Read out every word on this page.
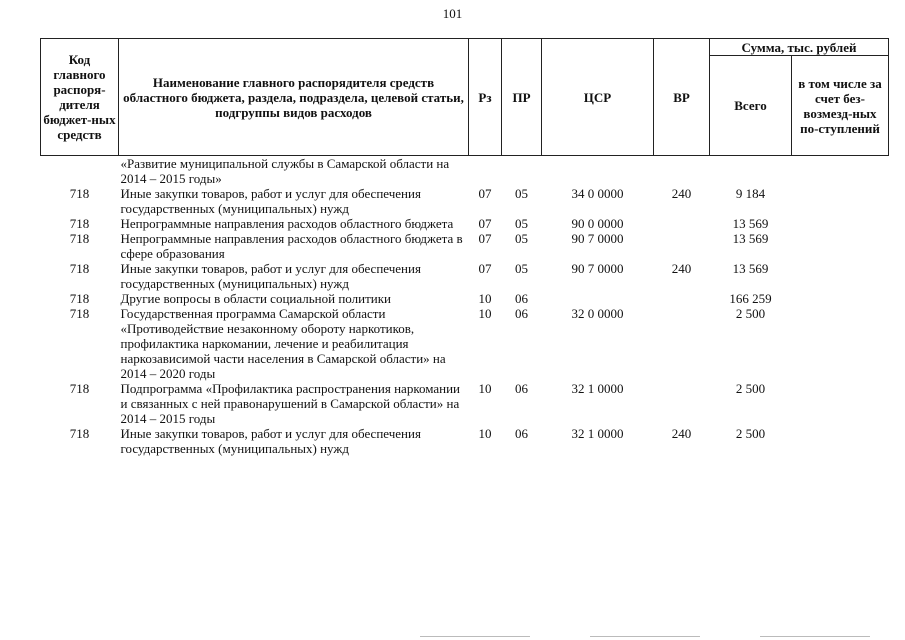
101
Код главного распоря-дителя бюджет-ных средств	Наименование главного распорядителя средств областного бюджета, раздела, подраздела, целевой статьи, подгруппы видов расходов	Рз	ПР	ЦСР	ВР	Сумма, тыс. рублей	
						Всего	в том числе за счет без-возмезд-ных по-ступлений
	«Развитие муниципальной службы в Самарской области на 2014 – 2015 годы»						
718	Иные закупки товаров, работ и услуг для обеспечения государственных (муниципальных) нужд	07	05	34 0 0000	240	9 184	
718	Непрограммные направления расходов областного бюджета	07	05	90 0 0000		13 569	
718	Непрограммные направления расходов областного бюджета в сфере образования	07	05	90 7 0000		13 569	
718	Иные закупки товаров, работ и услуг для обеспечения государственных (муниципальных) нужд	07	05	90 7 0000	240	13 569	
718	Другие вопросы в области социальной политики	10	06			166 259	
718	Государственная программа Самарской области «Противодействие незаконному обороту наркотиков, профилактика наркомании, лечение и реабилитация наркозависимой части населения в Самарской области» на 2014 – 2020 годы	10	06	32 0 0000		2 500	
718	Подпрограмма «Профилактика распространения наркомании и связанных с ней правонарушений в Самарской области» на 2014 – 2015 годы	10	06	32 1 0000		2 500	
718	Иные закупки товаров, работ и услуг для обеспечения государственных (муниципальных) нужд	10	06	32 1 0000	240	2 500	
